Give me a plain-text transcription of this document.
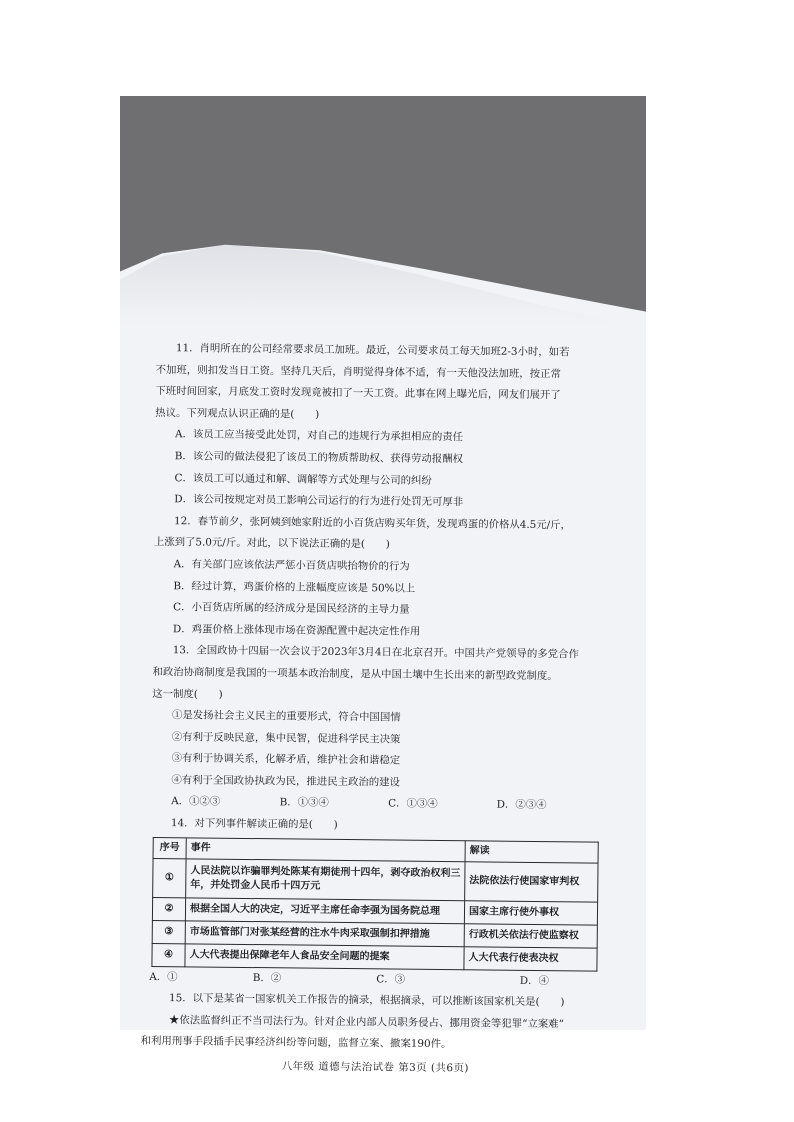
11．肖明所在的公司经常要求员工加班。最近，公司要求员工每天加班2-3小时，如若

不加班，则扣发当日工资。坚持几天后，肖明觉得身体不适，有一天他没法加班，按正常

下班时间回家，月底发工资时发现竟被扣了一天工资。此事在网上曝光后，网友们展开了

热议。下列观点认识正确的是(　　)

A．该员工应当接受此处罚，对自己的违规行为承担相应的责任

B．该公司的做法侵犯了该员工的物质帮助权、获得劳动报酬权

C．该员工可以通过和解、调解等方式处理与公司的纠纷

D．该公司按规定对员工影响公司运行的行为进行处罚无可厚非

12．春节前夕，张阿姨到她家附近的小百货店购买年货，发现鸡蛋的价格从4.5元/斤，

上涨到了5.0元/斤。对此，以下说法正确的是(　　)

A．有关部门应该依法严惩小百货店哄抬物价的行为

B．经过计算，鸡蛋价格的上涨幅度应该是 50%以上

C．小百货店所属的经济成分是国民经济的主导力量

D．鸡蛋价格上涨体现市场在资源配置中起决定性作用

13．全国政协十四届一次会议于2023年3月4日在北京召开。中国共产党领导的多党合作

和政治协商制度是我国的一项基本政治制度，是从中国土壤中生长出来的新型政党制度。

这一制度(　　)

①是发扬社会主义民主的重要形式，符合中国国情

②有利于反映民意，集中民智，促进科学民主决策

③有利于协调关系，化解矛盾，维护社会和谐稳定

④有利于全国政协执政为民，推进民主政治的建设

A．①②③	B．①③④	C．①③④	D．②③④

14．对下列事件解读正确的是(　　)

序号	事件	解读
①	人民法院以诈骗罪判处陈某有期徒刑十四年，剥夺政治权利三年，并处罚金人民币十四万元	法院依法行使国家审判权
②	根据全国人大的决定，习近平主席任命李强为国务院总理	国家主席行使外事权
③	市场监管部门对张某经营的注水牛肉采取强制扣押措施	行政机关依法行使监察权
④	人大代表提出保障老年人食品安全问题的提案	人大代表行使表决权
A．①	B．②	C．③	D．④

15．以下是某省一国家机关工作报告的摘录，根据摘录，可以推断该国家机关是(　　)

★依法监督纠正不当司法行为。针对企业内部人员职务侵占、挪用资金等犯罪“立案难”

和利用刑事手段插手民事经济纠纷等问题，监督立案、撤案190件。

八年级 道德与法治试卷 第3页 (共6页)
